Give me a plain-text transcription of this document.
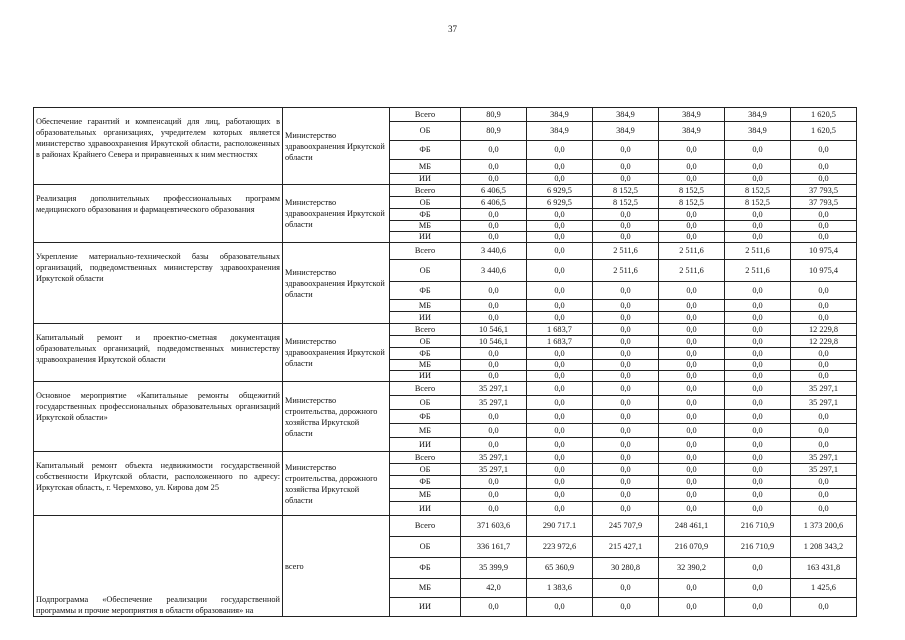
37
Обеспечение гарантий и компенсаций для лиц, работающих в образовательных организациях, учредителем которых является министерство здравоохранения Иркутской области, расположенных в районах Крайнего Севера и приравненных к ним местностях	Министерство здравоохранения Иркутской области	Всего	80,9	384,9	384,9	384,9	384,9	1 620,5
		ОБ	80,9	384,9	384,9	384,9	384,9	1 620,5
		ФБ	0,0	0,0	0,0	0,0	0,0	0,0
		МБ	0,0	0,0	0,0	0,0	0,0	0,0
		ИИ	0,0	0,0	0,0	0,0	0,0	0,0
Реализация дополнительных профессиональных программ медицинского образования и фармацевтического образования	Министерство здравоохранения Иркутской области	Всего	6 406,5	6 929,5	8 152,5	8 152,5	8 152,5	37 793,5
		ОБ	6 406,5	6 929,5	8 152,5	8 152,5	8 152,5	37 793,5
		ФБ	0,0	0,0	0,0	0,0	0,0	0,0
		МБ	0,0	0,0	0,0	0,0	0,0	0,0
		ИИ	0,0	0,0	0,0	0,0	0,0	0,0
Укрепление материально-технической базы образовательных организаций, подведомственных министерству здравоохранения Иркутской области	Министерство здравоохранения Иркутской области	Всего	3 440,6	0,0	2 511,6	2 511,6	2 511,6	10 975,4
		ОБ	3 440,6	0,0	2 511,6	2 511,6	2 511,6	10 975,4
		ФБ	0,0	0,0	0,0	0,0	0,0	0,0
		МБ	0,0	0,0	0,0	0,0	0,0	0,0
		ИИ	0,0	0,0	0,0	0,0	0,0	0,0
Капитальный ремонт и проектно-сметная документация образовательных организаций, подведомственных министерству здравоохранения Иркутской области	Министерство здравоохранения Иркутской области	Всего	10 546,1	1 683,7	0,0	0,0	0,0	12 229,8
		ОБ	10 546,1	1 683,7	0,0	0,0	0,0	12 229,8
		ФБ	0,0	0,0	0,0	0,0	0,0	0,0
		МБ	0,0	0,0	0,0	0,0	0,0	0,0
		ИИ	0,0	0,0	0,0	0,0	0,0	0,0
Основное мероприятие «Капитальные ремонты общежитий государственных профессиональных образовательных организаций Иркутской области»	Министерство строительства, дорожного хозяйства Иркутской области	Всего	35 297,1	0,0	0,0	0,0	0,0	35 297,1
		ОБ	35 297,1	0,0	0,0	0,0	0,0	35 297,1
		ФБ	0,0	0,0	0,0	0,0	0,0	0,0
		МБ	0,0	0,0	0,0	0,0	0,0	0,0
		ИИ	0,0	0,0	0,0	0,0	0,0	0,0
Капитальный ремонт объекта недвижимости государственной собственности Иркутской области, расположенного по адресу: Иркутская область, г. Черемхово, ул. Кирова дом 25	Министерство строительства, дорожного хозяйства Иркутской области	Всего	35 297,1	0,0	0,0	0,0	0,0	35 297,1
		ОБ	35 297,1	0,0	0,0	0,0	0,0	35 297,1
		ФБ	0,0	0,0	0,0	0,0	0,0	0,0
		МБ	0,0	0,0	0,0	0,0	0,0	0,0
		ИИ	0,0	0,0	0,0	0,0	0,0	0,0
Подпрограмма «Обеспечение реализации государственной программы и прочие мероприятия в области образования» на	всего	Всего	371 603,6	290 717.1	245 707,9	248 461,1	216 710,9	1 373 200,6
		ОБ	336 161,7	223 972,6	215 427,1	216 070,9	216 710,9	1 208 343,2
		ФБ	35 399,9	65 360,9	30 280,8	32 390,2	0,0	163 431,8
		МБ	42,0	1 383,6	0,0	0,0	0,0	1 425,6
		ИИ	0,0	0,0	0,0	0,0	0,0	0,0
